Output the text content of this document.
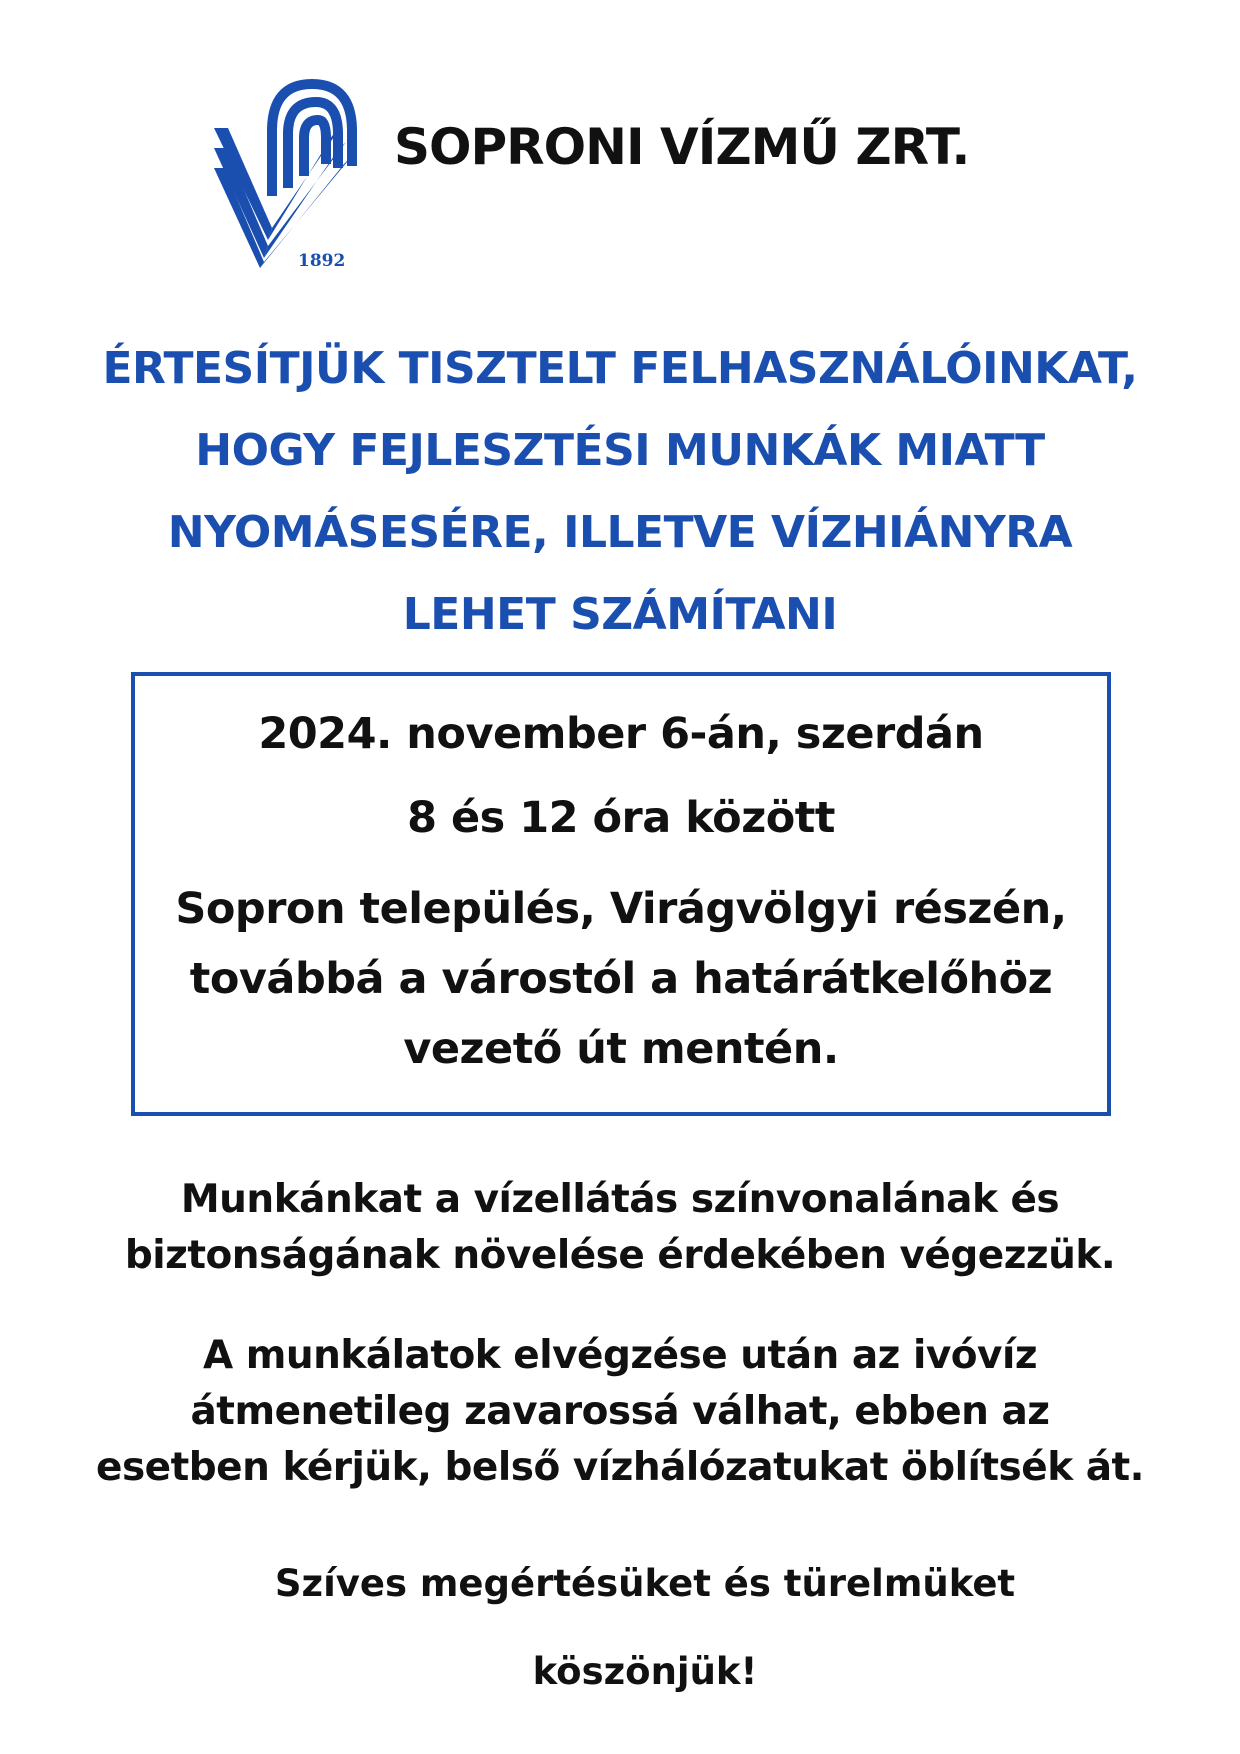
1892
SOPRONI VÍZMŰ ZRT.
ÉRTESÍTJÜK TISZTELT FELHASZNÁLÓINKAT,
HOGY FEJLESZTÉSI MUNKÁK MIATT
NYOMÁSESÉRE, ILLETVE VÍZHIÁNYRA
LEHET SZÁMÍTANI
2024. november 6-án, szerdán
8 és 12 óra között
Sopron település, Virágvölgyi részén,
továbbá a várostól a határátkelőhöz
vezető út mentén.
Munkánkat a vízellátás színvonalának és
biztonságának növelése érdekében végezzük.
A munkálatok elvégzése után az ivóvíz
átmenetileg zavarossá válhat, ebben az
esetben kérjük, belső vízhálózatukat öblítsék át.
Szíves megértésüket és türelmüket
köszönjük!
